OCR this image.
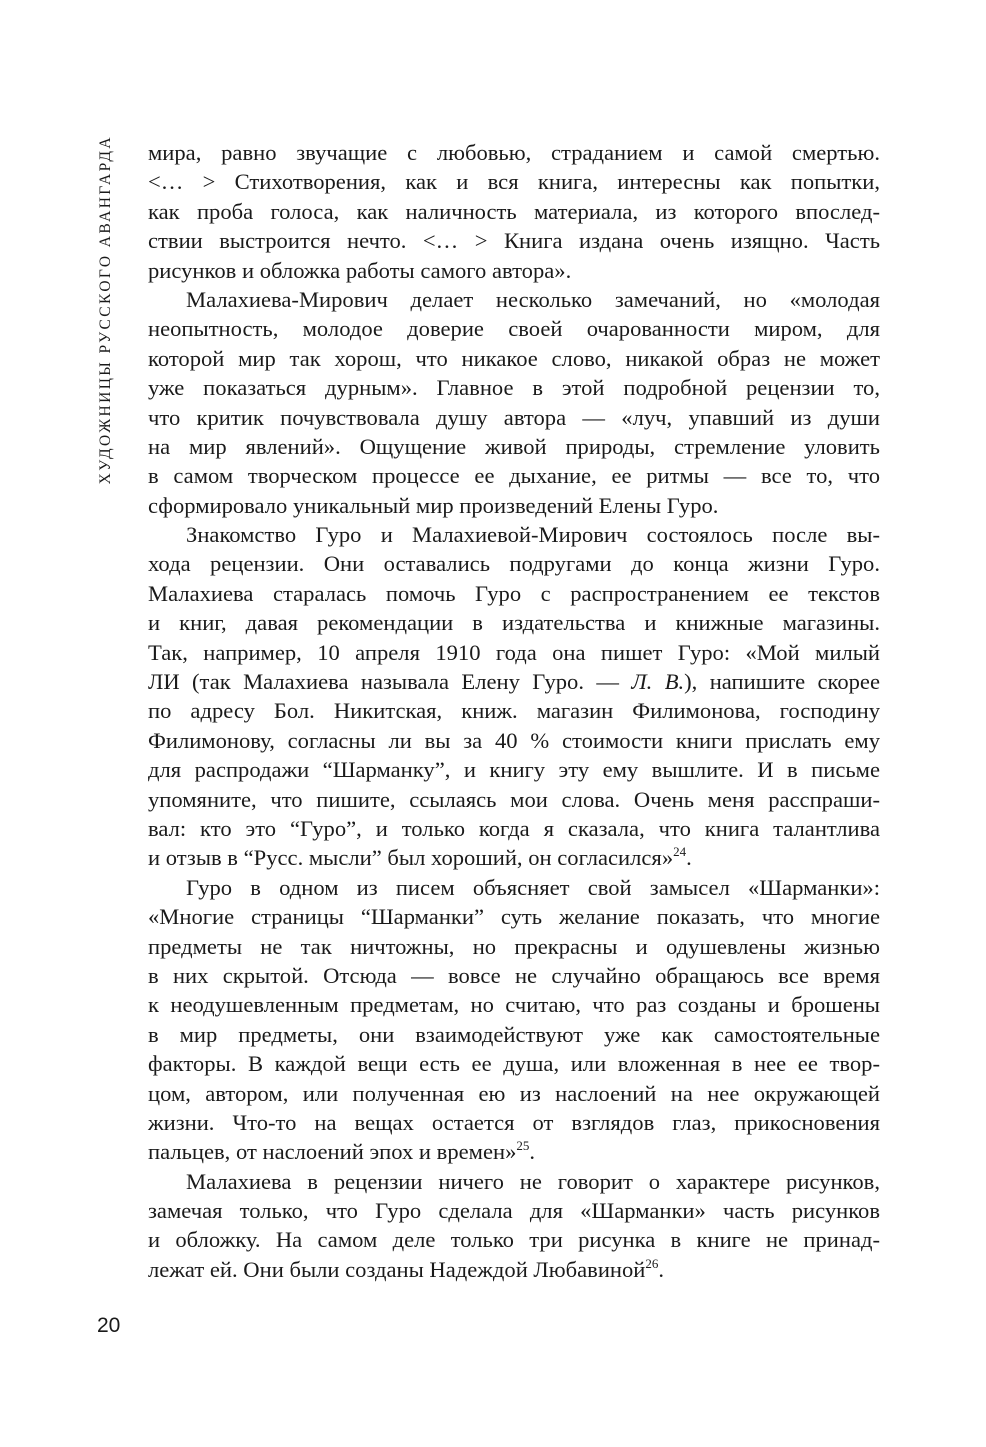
ХУДОЖНИЦЫ РУССКОГО АВАНГАРДА мира, равно звучащие с любовью, страданием и самой смертью.
<… > Стихотворения, как и вся книга, интересны как попытки,
как проба голоса, как наличность материала, из которого впослед-
ствии выстроится нечто. <… > Книга издана очень изящно. Часть
рисунков и обложка работы самого автора».
Малахиева-Мирович делает несколько замечаний, но «молодая
неопытность, молодое доверие своей очарованности миром, для
которой мир так хорош, что никакое слово, никакой образ не может
уже показаться дурным». Главное в этой подробной рецензии то,
что критик почувствовала душу автора — «луч, упавший из души
на мир явлений». Ощущение живой природы, стремление уловить
в самом творческом процессе ее дыхание, ее ритмы — все то, что
сформировало уникальный мир произведений Елены Гуро.
Знакомство Гуро и Малахиевой-Мирович состоялось после вы-
хода рецензии. Они оставались подругами до конца жизни Гуро.
Малахиева старалась помочь Гуро с распространением ее текстов
и книг, давая рекомендации в издательства и книжные магазины.
Так, например, 10 апреля 1910 года она пишет Гуро: «Мой милый
ЛИ (так Малахиева называла Елену Гуро. — Л. В.), напишите скорее
по адресу Бол. Никитская, книж. магазин Филимонова, господину
Филимонову, согласны ли вы за 40 % стоимости книги прислать ему
для распродажи “Шарманку”, и книгу эту ему вышлите. И в письме
упомяните, что пишите, ссылаясь мои слова. Очень меня расспраши-
вал: кто это “Гуро”, и только когда я сказала, что книга талантлива
и отзыв в “Русс. мысли” был хороший, он согласился»$^{24}$.
Гуро в одном из писем объясняет свой замысел «Шарманки»:
«Многие страницы “Шарманки” суть желание показать, что многие
предметы не так ничтожны, но прекрасны и одушевлены жизнью
в них скрытой. Отсюда — вовсе не случайно обращаюсь все время
к неодушевленным предметам, но считаю, что раз созданы и брошены
в мир предметы, они взаимодействуют уже как самостоятельные
факторы. В каждой вещи есть ее душа, или вложенная в нее ее твор-
цом, автором, или полученная ею из наслоений на нее окружающей
жизни. Что-то на вещах остается от взглядов глаз, прикосновения
пальцев, от наслоений эпох и времен»$^{25}$.
Малахиева в рецензии ничего не говорит о характере рисунков,
замечая только, что Гуро сделала для «Шарманки» часть рисунков
и обложку. На самом деле только три рисунка в книге не принад-
лежат ей. Они были созданы Надеждой Любавиной$^{26}$.
20
